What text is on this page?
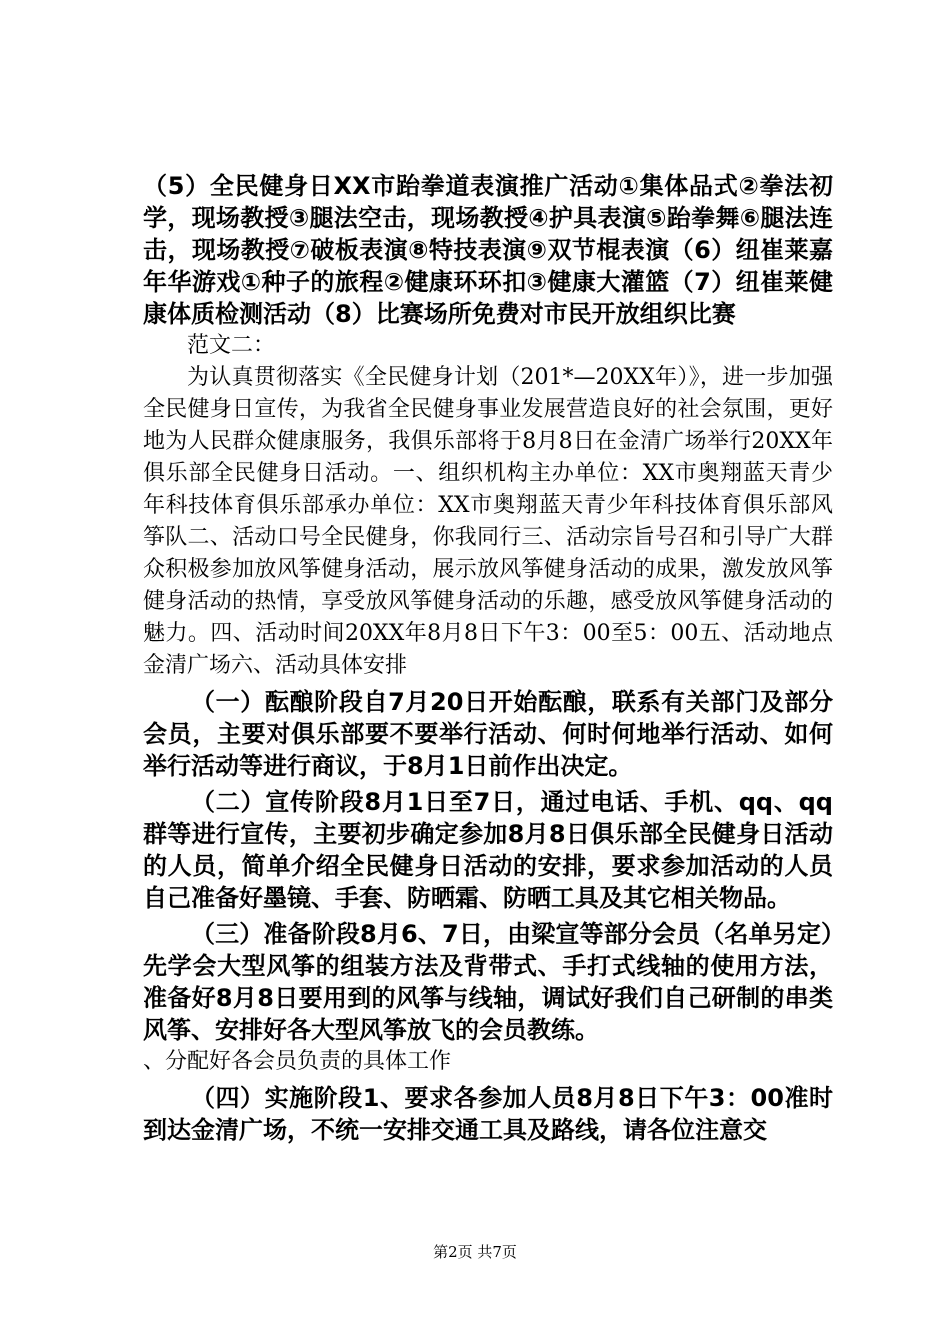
（5）全民健身日XX市跆拳道表演推广活动①集体品式②拳法初学，现场教授③腿法空击，现场教授④护具表演⑤跆拳舞⑥腿法连击，现场教授⑦破板表演⑧特技表演⑨双节棍表演（6）纽崔莱嘉年华游戏①种子的旅程②健康环环扣③健康大灌篮（7）纽崔莱健康体质检测活动（8）比赛场所免费对市民开放组织比赛

范文二：

为认真贯彻落实《全民健身计划（201*—20XX年）》，进一步加强全民健身日宣传，为我省全民健身事业发展营造良好的社会氛围，更好地为人民群众健康服务，我俱乐部将于8月8日在金清广场举行20XX年俱乐部全民健身日活动。一、组织机构主办单位：XX市奥翔蓝天青少年科技体育俱乐部承办单位：XX市奥翔蓝天青少年科技体育俱乐部风筝队二、活动口号全民健身，你我同行三、活动宗旨号召和引导广大群众积极参加放风筝健身活动，展示放风筝健身活动的成果，激发放风筝健身活动的热情，享受放风筝健身活动的乐趣，感受放风筝健身活动的魅力。四、活动时间20XX年8月8日下午3：00至5：00五、活动地点金清广场六、活动具体安排

（一）酝酿阶段自7月20日开始酝酿，联系有关部门及部分会员，主要对俱乐部要不要举行活动、何时何地举行活动、如何举行活动等进行商议，于8月1日前作出决定。

（二）宣传阶段8月1日至7日，通过电话、手机、qq、qq群等进行宣传，主要初步确定参加8月8日俱乐部全民健身日活动的人员，简单介绍全民健身日活动的安排，要求参加活动的人员自己准备好墨镜、手套、防晒霜、防晒工具及其它相关物品。

（三）准备阶段8月6、7日，由梁宣等部分会员（名单另定）先学会大型风筝的组装方法及背带式、手打式线轴的使用方法，准备好8月8日要用到的风筝与线轴，调试好我们自己研制的串类风筝、安排好各大型风筝放飞的会员教练。

、分配好各会员负责的具体工作

（四）实施阶段1、要求各参加人员8月8日下午3：00准时到达金清广场，不统一安排交通工具及路线，请各位注意交

第2页 共7页
